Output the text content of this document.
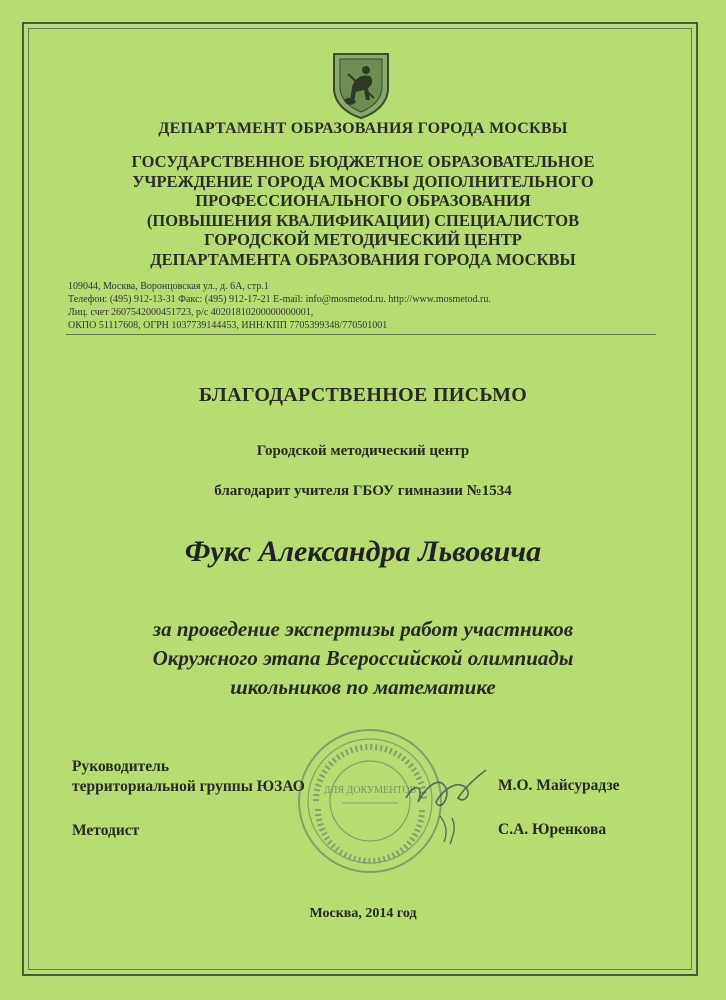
ДЕПАРТАМЕНТ ОБРАЗОВАНИЯ ГОРОДА МОСКВЫ
ГОСУДАРСТВЕННОЕ БЮДЖЕТНОЕ ОБРАЗОВАТЕЛЬНОЕ
УЧРЕЖДЕНИЕ ГОРОДА МОСКВЫ ДОПОЛНИТЕЛЬНОГО
ПРОФЕССИОНАЛЬНОГО ОБРАЗОВАНИЯ
(ПОВЫШЕНИЯ КВАЛИФИКАЦИИ) СПЕЦИАЛИСТОВ
ГОРОДСКОЙ МЕТОДИЧЕСКИЙ ЦЕНТР
ДЕПАРТАМЕНТА ОБРАЗОВАНИЯ ГОРОДА МОСКВЫ
109044, Москва, Воронцовская ул., д. 6А, стр.1
Телефон: (495) 912-13-31 Факс: (495) 912-17-21 E-mail: info@mosmetod.ru. http://www.mosmetod.ru.
Лиц. счет 2607542000451723, р/с 40201810200000000001,
ОКПО 51117608, ОГРН 1037739144453, ИНН/КПП 7705399348/770501001
БЛАГОДАРСТВЕННОЕ ПИСЬМО
Городской методический центр
благодарит учителя ГБОУ гимназии №1534
Фукс Александра Львовича
за проведение экспертизы работ участников
Окружного этапа Всероссийской олимпиады
школьников по математике
ДЛЯ ДОКУМЕНТОВ
Руководитель
территориальной группы ЮЗАО	М.О. Майсурадзе
Методист	С.А. Юренкова
Москва, 2014 год
